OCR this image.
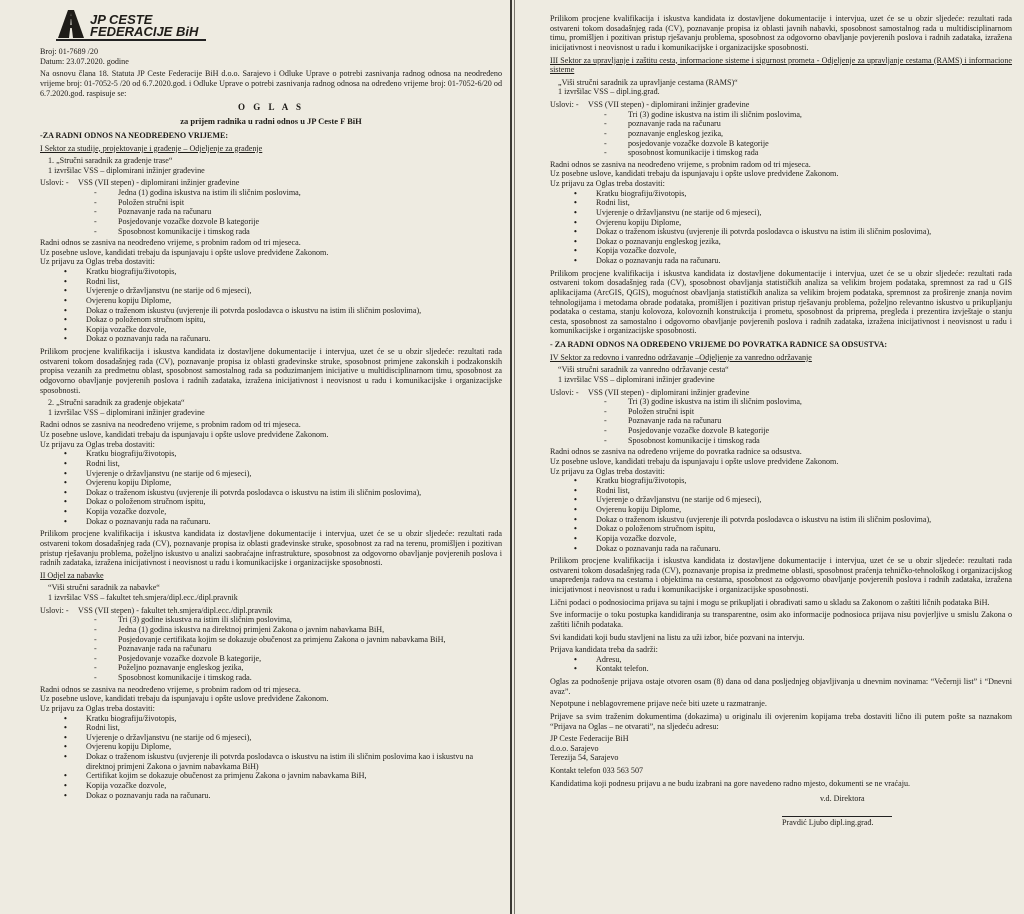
JP CESTE
FEDERACIJE BiH

Broj: 01-7689 /20

Datum: 23.07.2020. godine

Na osnovu člana 18. Statuta JP Ceste Federacije BiH d.o.o. Sarajevo i Odluke Uprave o potrebi zasnivanja radnog odnosa na neodređeno vrijeme broj: 01-7052-5 /20 od 6.7.2020.god. i Odluke Uprave o potrebi zasnivanja radnog odnosa na određeno vrijeme broj: 01-7052-6/20 od 6.7.2020.god. raspisuje se:

O G L A S

za prijem radnika u radni odnos u JP Ceste F BiH

-ZA RADNI ODNOS NA NEODREĐENO VRIJEME:

I Sektor za studije, projektovanje i građenje – Odjeljenje za građenje

1. „Stručni saradnik za građenje trase“

1 izvršilac VSS – diplomirani inžinjer građevine

Uslovi: -	VSS (VII stepen) - diplomirani inžinjer građevine
- Jedna (1) godina iskustva na istim ili sličnim poslovima,
- Položen stručni ispit
- Poznavanje rada na računaru
- Posjedovanje vozačke dozvole B kategorije
- Sposobnost komunikacije i timskog rada

Radni odnos se zasniva na neodređeno vrijeme, s probnim radom od tri mjeseca.

Uz posebne uslove, kandidati trebaju da ispunjavaju i opšte uslove predviđene Zakonom.

Uz prijavu za Oglas treba dostaviti:

• Kratku biografiju/životopis,
• Rodni list,
• Uvjerenje o državljanstvu (ne starije od 6 mjeseci),
• Ovjerenu kopiju Diplome,
• Dokaz o traženom iskustvu (uvjerenje ili potvrda poslodavca o iskustvu na istim ili sličnim poslovima),
• Dokaz o položenom stručnom ispitu,
• Kopija vozačke dozvole,
• Dokaz o poznavanju rada na računaru.

Prilikom procjene kvalifikacija i iskustva kandidata iz dostavljene dokumentacije i intervjua, uzet će se u obzir sljedeće: rezultati rada ostvareni tokom dosadašnjeg rada (CV), poznavanje propisa iz oblasti građevinske struke, sposobnost primjene zakonskih i podzakonskih propisa vezanih za predmetnu oblast, sposobnost samostalnog rada sa poduzimanjem inicijative u multidisciplinarnom timu, sposobnost za odgovorno obavljanje povjerenih poslova i radnih zadataka, izražena inicijativnost i neovisnost u radu i komunikacijske i organizacijske sposobnosti.

2. „Stručni saradnik za građenje objekata“

1 izvršilac VSS – diplomirani inžinjer građevine

Radni odnos se zasniva na neodređeno vrijeme, s probnim radom od tri mjeseca.

Uz posebne uslove, kandidati trebaju da ispunjavaju i opšte uslove predviđene Zakonom.

Uz prijavu za Oglas treba dostaviti:

• Kratku biografiju/životopis,
• Rodni list,
• Uvjerenje o državljanstvu (ne starije od 6 mjeseci),
• Ovjerenu kopiju Diplome,
• Dokaz o traženom iskustvu (uvjerenje ili potvrda poslodavca o iskustvu na istim ili sličnim poslovima),
• Dokaz o položenom stručnom ispitu,
• Kopija vozačke dozvole,
• Dokaz o poznavanju rada na računaru.

Prilikom procjene kvalifikacija i iskustva kandidata iz dostavljene dokumentacije i intervjua, uzet će se u obzir sljedeće: rezultati rada ostvareni tokom dosadašnjeg rada (CV), poznavanje propisa iz oblasti građevinske struke, sposobnost za rad na terenu, promišljen i pozitivan pristup rješavanju problema, poželjno iskustvo u analizi saobraćajne infrastrukture, sposobnost za odgovorno obavljanje povjerenih poslova i radnih zadataka, izražena inicijativnost i neovisnost u radu i komunikacijske i organizacijske sposobnosti.

II Odjel za nabavke

“Viši stručni saradnik za nabavke“

1 izvršilac VSS – fakultet teh.smjera/dipl.ecc./dipl.pravnik

Uslovi: -	VSS (VII stepen) - fakultet teh.smjera/dipl.ecc./dipl.pravnik
- Tri (3) godine iskustva na istim ili sličnim poslovima,
- Jedna (1) godina iskustva na direktnoj primjeni Zakona o javnim nabavkama BiH,
- Posjedovanje certifikata kojim se dokazuje obučenost za primjenu Zakona o javnim nabavkama BiH,
- Poznavanje rada na računaru
- Posjedovanje vozačke dozvole B kategorije,
- Poželjno poznavanje engleskog jezika,
- Sposobnost komunikacije i timskog rada.

Radni odnos se zasniva na neodređeno vrijeme, s probnim radom od tri mjeseca.

Uz posebne uslove, kandidati trebaju da ispunjavaju i opšte uslove predviđene Zakonom.

Uz prijavu za Oglas treba dostaviti:

• Kratku biografiju/životopis,
• Rodni list,
• Uvjerenje o državljanstvu (ne starije od 6 mjeseci),
• Ovjerenu kopiju Diplome,
• Dokaz o traženom iskustvu (uvjerenje ili potvrda poslodavca o iskustvu na istim ili sličnim poslovima kao i iskustvu na direktnoj primjeni Zakona o javnim nabavkama BiH)
• Certifikat kojim se dokazuje obučenost za primjenu Zakona o javnim nabavkama BiH,
• Kopija vozačke dozvole,
• Dokaz o poznavanju rada na računaru.

Prilikom procjene kvalifikacija i iskustva kandidata iz dostavljene dokumentacije i intervjua, uzet će se u obzir sljedeće: rezultati rada ostvareni tokom dosadašnjeg rada (CV), poznavanje propisa iz oblasti javnih nabavki, sposobnost samostalnog rada u multidisciplinarnom timu, promišljen i pozitivan pristup rješavanju problema, sposobnost za odgovorno obavljanje povjerenih poslova i radnih zadataka, izražena inicijativnost i neovisnost u radu i komunikacijske i organizacijske sposobnosti.

III Sektor za upravljanje i zaštitu cesta, informacione sisteme i sigurnost prometa - Odjeljenje za upravljanje cestama (RAMS) i informacione sisteme

„Viši stručni saradnik za upravljanje cestama (RAMS)“

1 izvršilac VSS – dipl.ing.građ.

Uslovi: -	VSS (VII stepen) - diplomirani inžinjer građevine
- Tri (3) godine iskustva na istim ili sličnim poslovima,
- poznavanje rada na računaru
- poznavanje engleskog jezika,
- posjedovanje vozačke dozvole B kategorije
- sposobnost komunikacije i timskog rada

Radni odnos se zasniva na neodređeno vrijeme, s probnim radom od tri mjeseca.

Uz posebne uslove, kandidati trebaju da ispunjavaju i opšte uslove predviđene Zakonom.

Uz prijavu za Oglas treba dostaviti:

• Kratku biografiju/životopis,
• Rodni list,
• Uvjerenje o državljanstvu (ne starije od 6 mjeseci),
• Ovjerenu kopiju Diplome,
• Dokaz o traženom iskustvu (uvjerenje ili potvrda poslodavca o iskustvu na istim ili sličnim poslovima),
• Dokaz o poznavanju engleskog jezika,
• Kopija vozačke dozvole,
• Dokaz o poznavanju rada na računaru.

Prilikom procjene kvalifikacija i iskustva kandidata iz dostavljene dokumentacije i intervjua, uzet će se u obzir sljedeće: rezultati rada ostvareni tokom dosadašnjeg rada (CV), sposobnost obavljanja statističkih analiza sa velikim brojem podataka, spremnost za rad u GIS aplikacijama (ArcGIS, QGIS), mogućnost obavljanja statističkih analiza sa velikim brojem podataka, spremnost za proširenje znanja novim tehnologijama i metodama obrade podataka, promišljen i pozitivan pristup rješavanju problema, poželjno relevantno iskustvo u prikupljanju podataka o cestama, stanju kolovoza, kolovoznih konstrukcija i prometu, sposobnost da priprema, pregleda i prezentira izvještaje o stanju cesta, sposobnost za samostalno i odgovorno obavljanje povjerenih poslova i radnih zadataka, izražena inicijativnost i neovisnost u radu i komunikacijske i organizacijske sposobnosti.

- ZA RADNI ODNOS NA ODREĐENO VRIJEME DO POVRATKA RADNICE SA ODSUSTVA:

IV Sektor za redovno i vanredno održavanje –Odjeljenje za vanredno održavanje

“Viši stručni saradnik za vanredno održavanje cesta“

1 izvršilac VSS – diplomirani inžinjer građevine

Uslovi: -	VSS (VII stepen) - diplomirani inžinjer građevine
- Tri (3) godine iskustva na istim ili sličnim poslovima,
- Položen stručni ispit
- Poznavanje rada na računaru
- Posjedovanje vozačke dozvole B kategorije
- Sposobnost komunikacije i timskog rada

Radni odnos se zasniva na određeno vrijeme do povratka radnice sa odsustva.

Uz posebne uslove, kandidati trebaju da ispunjavaju i opšte uslove predviđene Zakonom.

Uz prijavu za Oglas treba dostaviti:

• Kratku biografiju/životopis,
• Rodni list,
• Uvjerenje o državljanstvu (ne starije od 6 mjeseci),
• Ovjerenu kopiju Diplome,
• Dokaz o traženom iskustvu (uvjerenje ili potvrda poslodavca o iskustvu na istim ili sličnim poslovima),
• Dokaz o položenom stručnom ispitu,
• Kopija vozačke dozvole,
• Dokaz o poznavanju rada na računaru.

Prilikom procjene kvalifikacija i iskustva kandidata iz dostavljene dokumentacije i intervjua, uzet će se u obzir sljedeće: rezultati rada ostvareni tokom dosadašnjeg rada (CV), poznavanje propisa iz predmetne oblasti, sposobnost praćenja tehničko-tehnološkog i organizacijskog unapređenja radova na cestama i objektima na cestama, sposobnost za odgovorno obavljanje povjerenih poslova i radnih zadataka, izražena inicijativnost i neovisnost u radu i komunikacijske i organizacijske sposobnosti.

Lični podaci o podnosiocima prijava su tajni i mogu se prikupljati i obrađivati samo u skladu sa Zakonom o zaštiti ličnih podataka BiH.

Sve informacije o toku postupka kandidiranja su transparentne, osim ako informacije podnosioca prijava nisu povjerljive u smislu Zakona o zaštiti ličnih podataka.

Svi kandidati koji budu stavljeni na listu za uži izbor, biće pozvani na intervju.

Prijava kandidata treba da sadrži:

• Adresu,
• Kontakt telefon.

Oglas za podnošenje prijava ostaje otvoren osam (8) dana od dana posljednjeg objavljivanja u dnevnim novinama: “Večernji list” i “Dnevni avaz”.

Nepotpune i neblagovremene prijave neće biti uzete u razmatranje.

Prijave sa svim traženim dokumentima (dokazima) u originalu ili ovjerenim kopijama treba dostaviti lično ili putem pošte sa naznakom “Prijava na Oglas – ne otvarati”, na sljedeću adresu:

JP Ceste Federacije BiH
d.o.o. Sarajevo
Terezija 54, Sarajevo

Kontakt telefon 033 563 507

Kandidatima koji podnesu prijavu a ne budu izabrani na gore navedeno radno mjesto, dokumenti se ne vraćaju.

v.d. Direktora
Pravdić Ljubo dipl.ing.građ.
